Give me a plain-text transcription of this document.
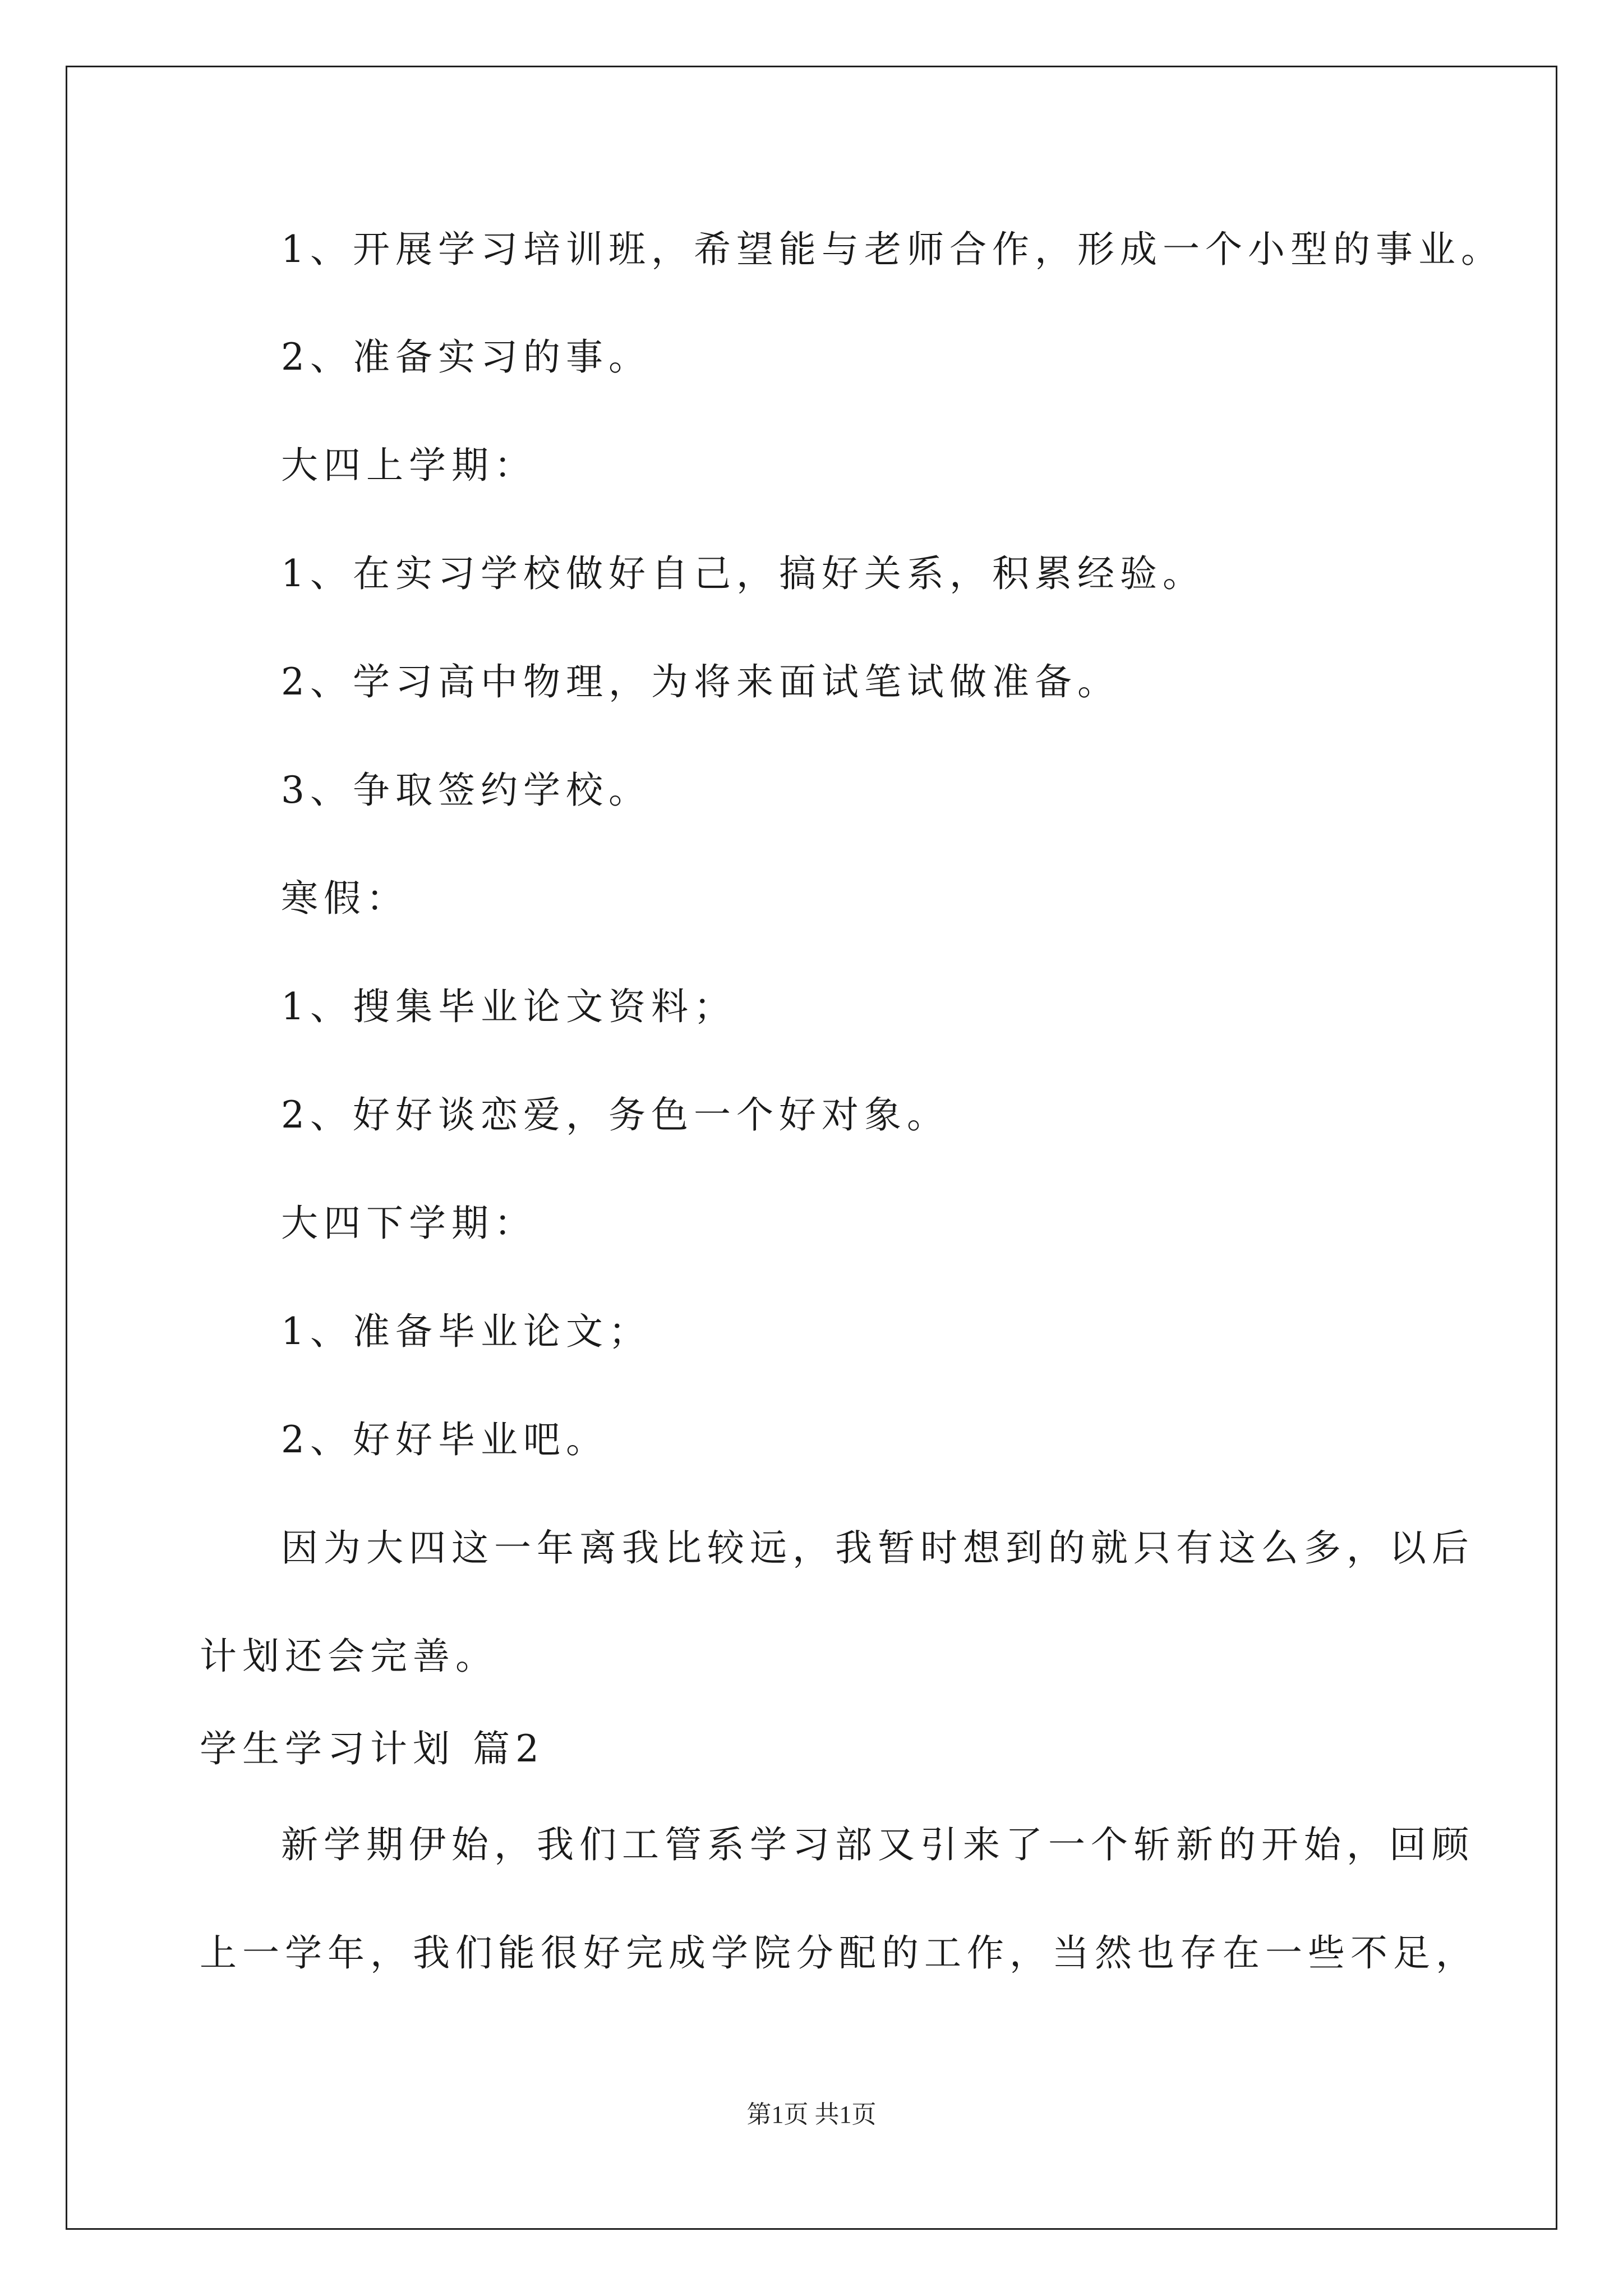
1、开展学习培训班，希望能与老师合作，形成一个小型的事业。
2、准备实习的事。
大四上学期：
1、在实习学校做好自己，搞好关系，积累经验。
2、学习高中物理，为将来面试笔试做准备。
3、争取签约学校。
寒假：
1、搜集毕业论文资料；
2、好好谈恋爱，务色一个好对象。
大四下学期：
1、准备毕业论文；
2、好好毕业吧。
因为大四这一年离我比较远，我暂时想到的就只有这么多，以后
计划还会完善。
学生学习计划 篇2
新学期伊始，我们工管系学习部又引来了一个斩新的开始，回顾
上一学年，我们能很好完成学院分配的工作，当然也存在一些不足，
第1页 共1页
